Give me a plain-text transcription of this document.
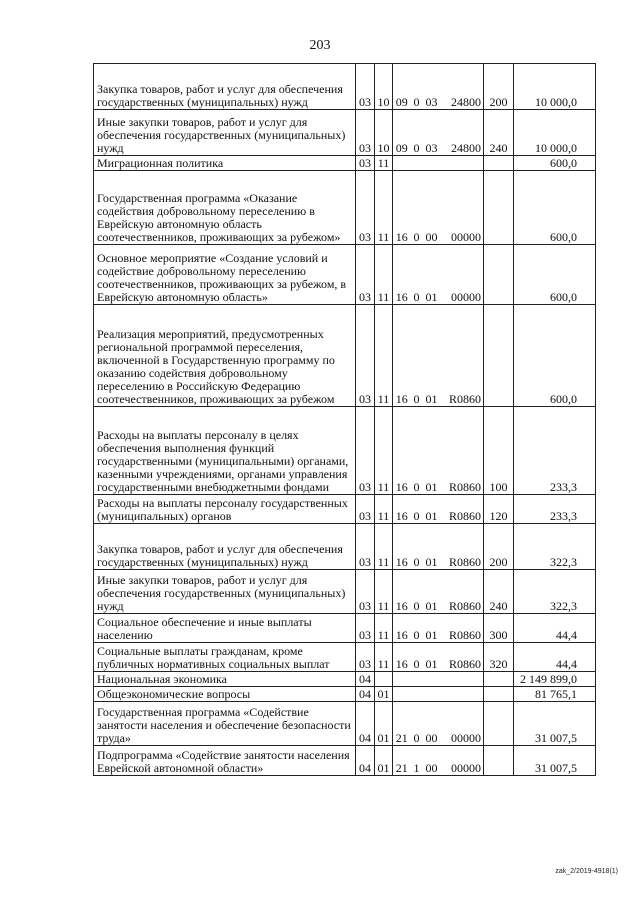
203
Закупка товаров, работ и услуг для обеспечения государственных (муниципальных) нужд	03	10	09	0	03	24800	200	10 000,0
Иные закупки товаров, работ и услуг для обеспечения государственных (муниципальных) нужд	03	10	09	0	03	24800	240	10 000,0
Миграционная политика	03	11						600,0
Государственная программа «Оказание содействия добровольному переселению в Еврейскую автономную область соотечественников, проживающих за рубежом»	03	11	16	0	00	00000		600,0
Основное мероприятие «Создание условий и содействие добровольному переселению соотечественников, проживающих за рубежом, в Еврейскую автономную область»	03	11	16	0	01	00000		600,0
Реализация мероприятий, предусмотренных региональной программой переселения, включенной в Государственную программу по оказанию содействия добровольному переселению в Российскую Федерацию соотечественников, проживающих за рубежом	03	11	16	0	01	R0860		600,0
Расходы на выплаты персоналу в целях обеспечения выполнения функций государственными (муниципальными) органами, казенными учреждениями, органами управления государственными внебюджетными фондами	03	11	16	0	01	R0860	100	233,3
Расходы на выплаты персоналу государственных (муниципальных) органов	03	11	16	0	01	R0860	120	233,3
Закупка товаров, работ и услуг для обеспечения государственных (муниципальных) нужд	03	11	16	0	01	R0860	200	322,3
Иные закупки товаров, работ и услуг для обеспечения государственных (муниципальных) нужд	03	11	16	0	01	R0860	240	322,3
Социальное обеспечение и иные выплаты населению	03	11	16	0	01	R0860	300	44,4
Социальные выплаты гражданам, кроме публичных нормативных социальных выплат	03	11	16	0	01	R0860	320	44,4
Национальная экономика	04							2 149 899,0
Общеэкономические вопросы	04	01						81 765,1
Государственная программа «Содействие занятости населения и обеспечение безопасности труда»	04	01	21	0	00	00000		31 007,5
Подпрограмма «Содействие занятости населения Еврейской автономной области»	04	01	21	1	00	00000		31 007,5
zak_2/2019-4918(1)
